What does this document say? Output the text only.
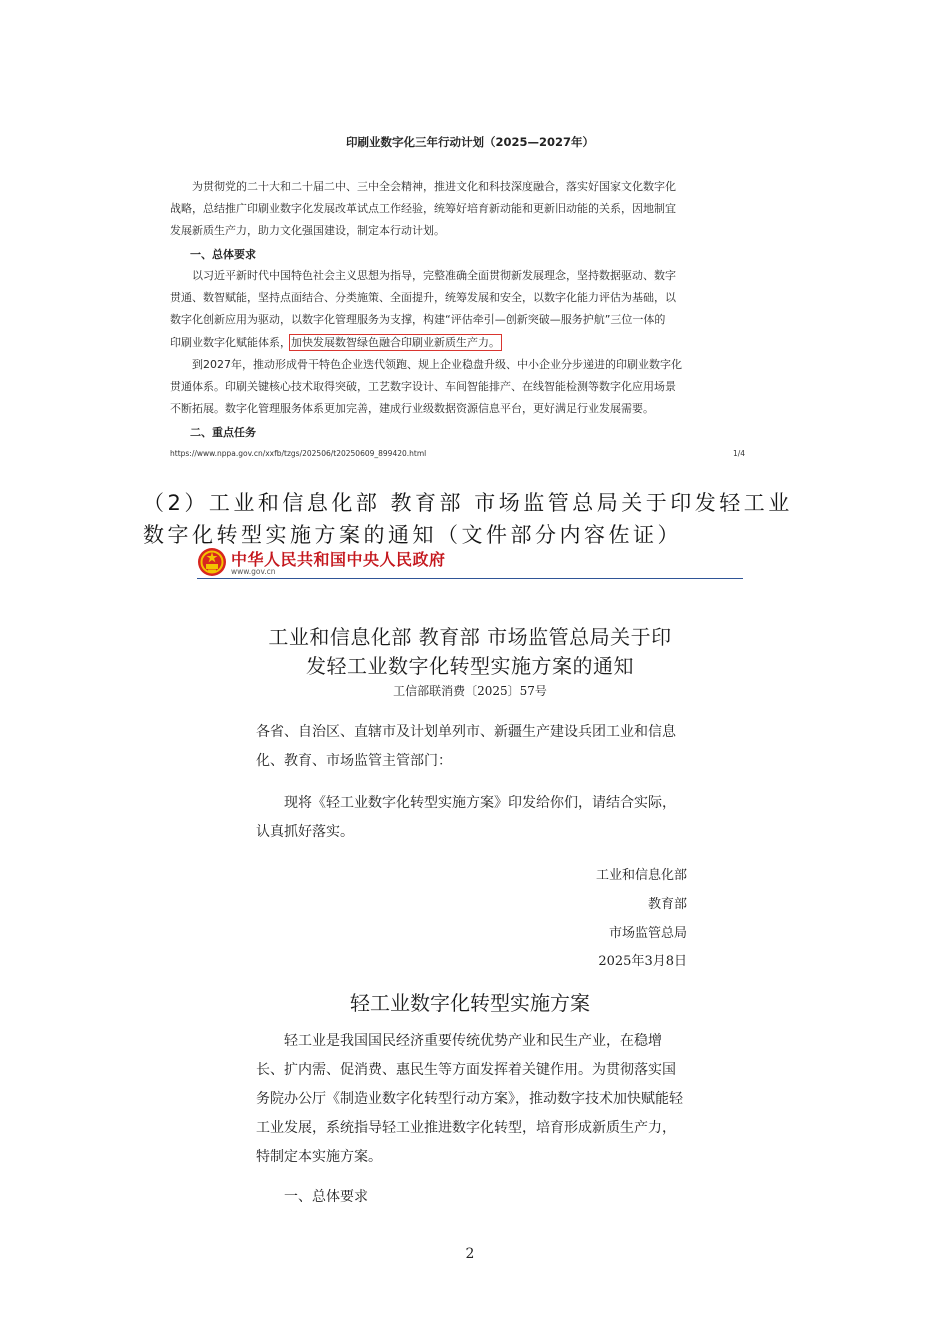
印刷业数字化三年行动计划（2025—2027年）
为贯彻党的二十大和二十届二中、三中全会精神，推进文化和科技深度融合，落实好国家文化数字化
战略，总结推广印刷业数字化发展改革试点工作经验，统筹好培育新动能和更新旧动能的关系，因地制宜
发展新质生产力，助力文化强国建设，制定本行动计划。
一、总体要求
以习近平新时代中国特色社会主义思想为指导，完整准确全面贯彻新发展理念，坚持数据驱动、数字
贯通、数智赋能，坚持点面结合、分类施策、全面提升，统筹发展和安全，以数字化能力评估为基础，以
数字化创新应用为驱动，以数字化管理服务为支撑，构建“评估牵引—创新突破—服务护航”三位一体的
印刷业数字化赋能体系，加快发展数智绿色融合印刷业新质生产力。
到2027年，推动形成骨干特色企业迭代领跑、规上企业稳盘升级、中小企业分步递进的印刷业数字化
贯通体系。印刷关键核心技术取得突破，工艺数字设计、车间智能排产、在线智能检测等数字化应用场景
不断拓展。数字化管理服务体系更加完善，建成行业级数据资源信息平台，更好满足行业发展需要。
二、重点任务
https://www.nppa.gov.cn/xxfb/tzgs/202506/t20250609_899420.html	1/4
（2）工业和信息化部 教育部 市场监管总局关于印发轻工业数字化转型实施方案的通知（文件部分内容佐证）
中华人民共和国中央人民政府
www.gov.cn
工业和信息化部 教育部 市场监管总局关于印
发轻工业数字化转型实施方案的通知
工信部联消费〔2025〕57号
各省、自治区、直辖市及计划单列市、新疆生产建设兵团工业和信息化、教育、市场监管主管部门：
现将《轻工业数字化转型实施方案》印发给你们，请结合实际，认真抓好落实。
工业和信息化部
教育部
市场监管总局
2025年3月8日
轻工业数字化转型实施方案
轻工业是我国国民经济重要传统优势产业和民生产业，在稳增长、扩内需、促消费、惠民生等方面发挥着关键作用。为贯彻落实国务院办公厅《制造业数字化转型行动方案》，推动数字技术加快赋能轻工业发展，系统指导轻工业推进数字化转型，培育形成新质生产力，特制定本实施方案。
一、总体要求
2
